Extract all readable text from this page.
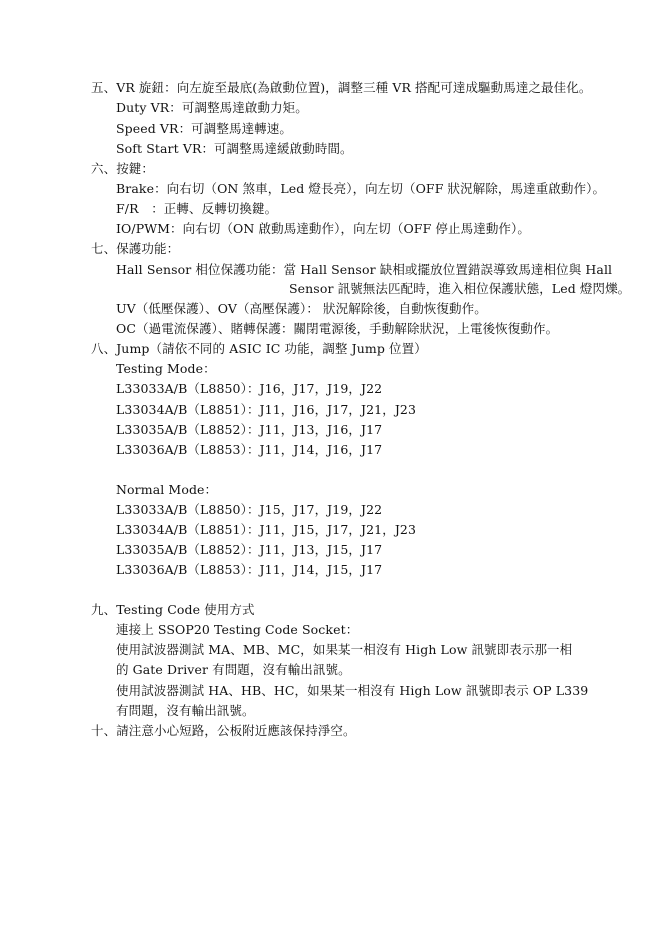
五、VR 旋鈕：向左旋至最底(為啟動位置)，調整三種 VR 搭配可達成驅動馬達之最佳化。
Duty VR：可調整馬達啟動力矩。
Speed VR：可調整馬達轉速。
Soft Start VR：可調整馬達緩啟動時間。
六、按鍵：
Brake：向右切（ON 煞車，Led 燈長亮），向左切（OFF 狀況解除，馬達重啟動作）。
F/R　：正轉、反轉切換鍵。
IO/PWM：向右切（ON 啟動馬達動作），向左切（OFF 停止馬達動作）。
七、保護功能：
Hall Sensor 相位保護功能：當 Hall Sensor 缺相或擺放位置錯誤導致馬達相位與 Hall
Sensor 訊號無法匹配時，進入相位保護狀態，Led 燈閃爍。
UV（低壓保護）、OV（高壓保護）： 狀況解除後，自動恢復動作。
OC（過電流保護）、賭轉保護：關閉電源後，手動解除狀況，上電後恢復動作。
八、Jump（請依不同的 ASIC IC 功能，調整 Jump 位置）
Testing Mode：
L33033A/B（L8850）：J16，J17，J19，J22
L33034A/B（L8851）：J11，J16，J17，J21，J23
L33035A/B（L8852）：J11，J13，J16，J17
L33036A/B（L8853）：J11，J14，J16，J17
Normal Mode：
L33033A/B（L8850）：J15，J17，J19，J22
L33034A/B（L8851）：J11，J15，J17，J21，J23
L33035A/B（L8852）：J11，J13，J15，J17
L33036A/B（L8853）：J11，J14，J15，J17
九、Testing Code 使用方式
連接上 SSOP20 Testing Code Socket：
使用試波器測試 MA、MB、MC，如果某一相沒有 High Low 訊號即表示那一相
的 Gate Driver 有問題，沒有輸出訊號。
使用試波器測試 HA、HB、HC，如果某一相沒有 High Low 訊號即表示 OP L339
有問題，沒有輸出訊號。
十、請注意小心短路，公板附近應該保持淨空。
